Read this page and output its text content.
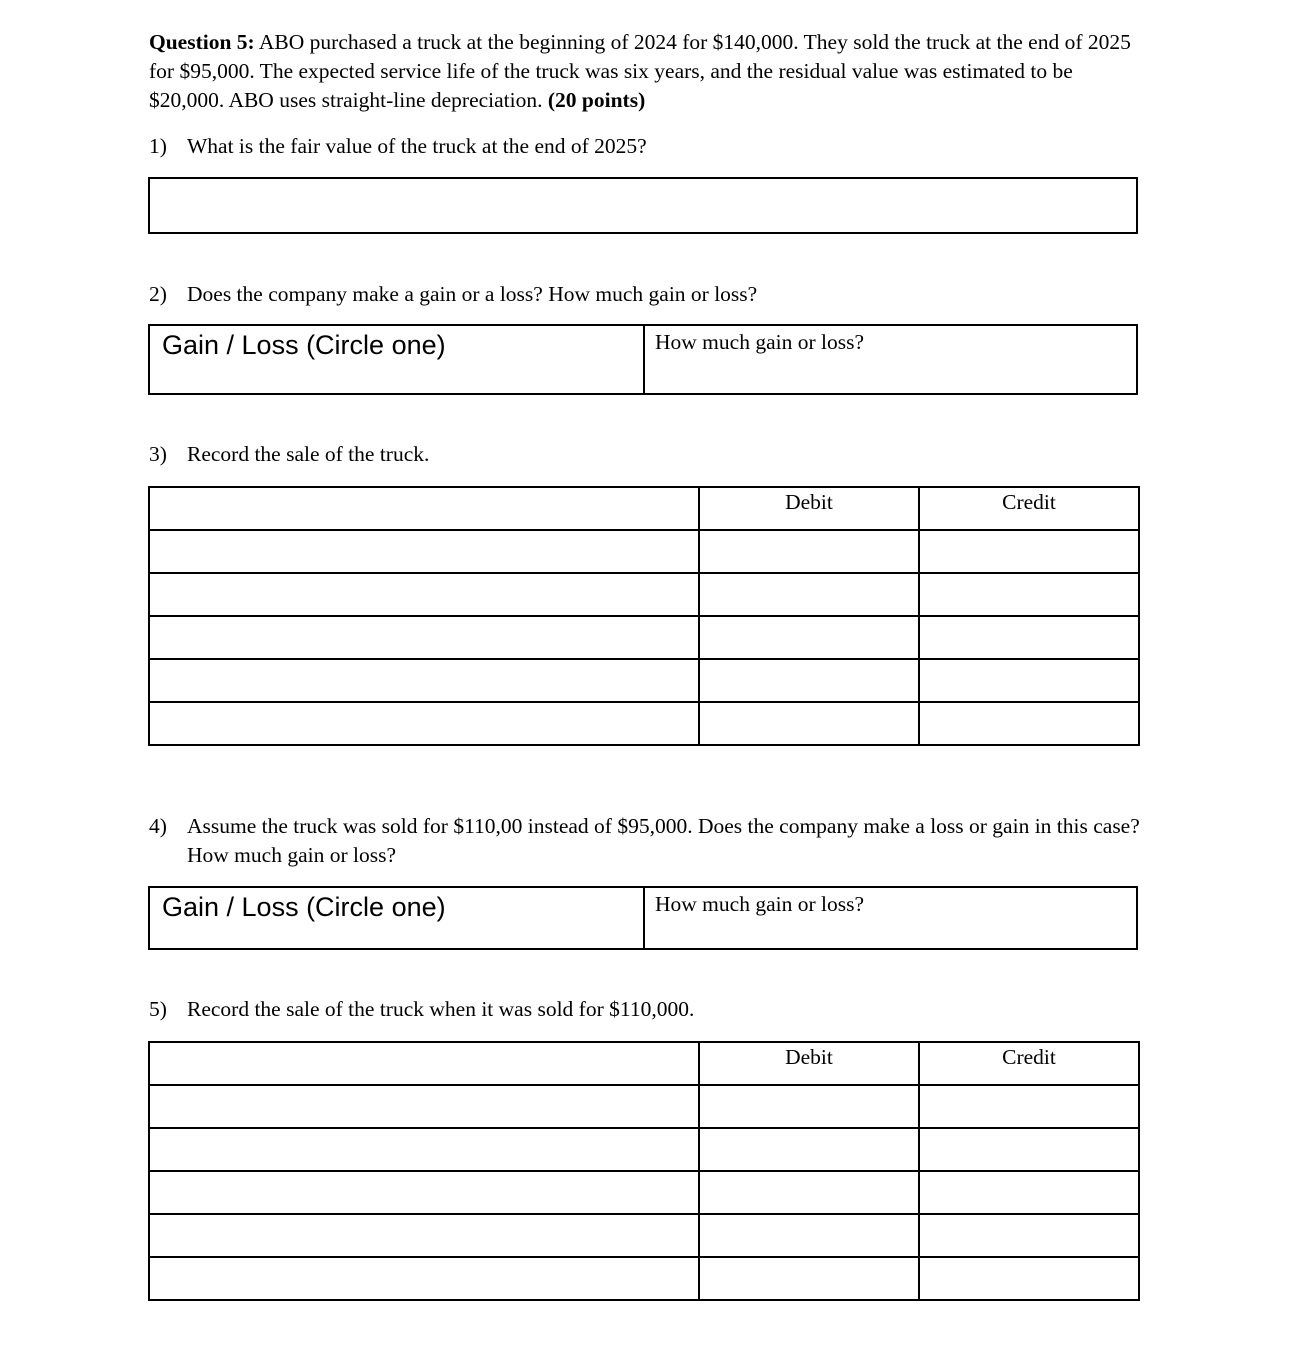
Question 5: ABO purchased a truck at the beginning of 2024 for $140,000. They sold the truck at the end of 2025 for $95,000. The expected service life of the truck was six years, and the residual value was estimated to be $20,000. ABO uses straight-line depreciation. (20 points)
1) What is the fair value of the truck at the end of 2025?
2) Does the company make a gain or a loss? How much gain or loss?
Gain / Loss (Circle one)	How much gain or loss?
3) Record the sale of the truck.
	Debit	Credit

4) Assume the truck was sold for $110,00 instead of $95,000. Does the company make a loss or gain in this case? How much gain or loss?
Gain / Loss (Circle one)	How much gain or loss?
5) Record the sale of the truck when it was sold for $110,000.
	Debit	Credit
